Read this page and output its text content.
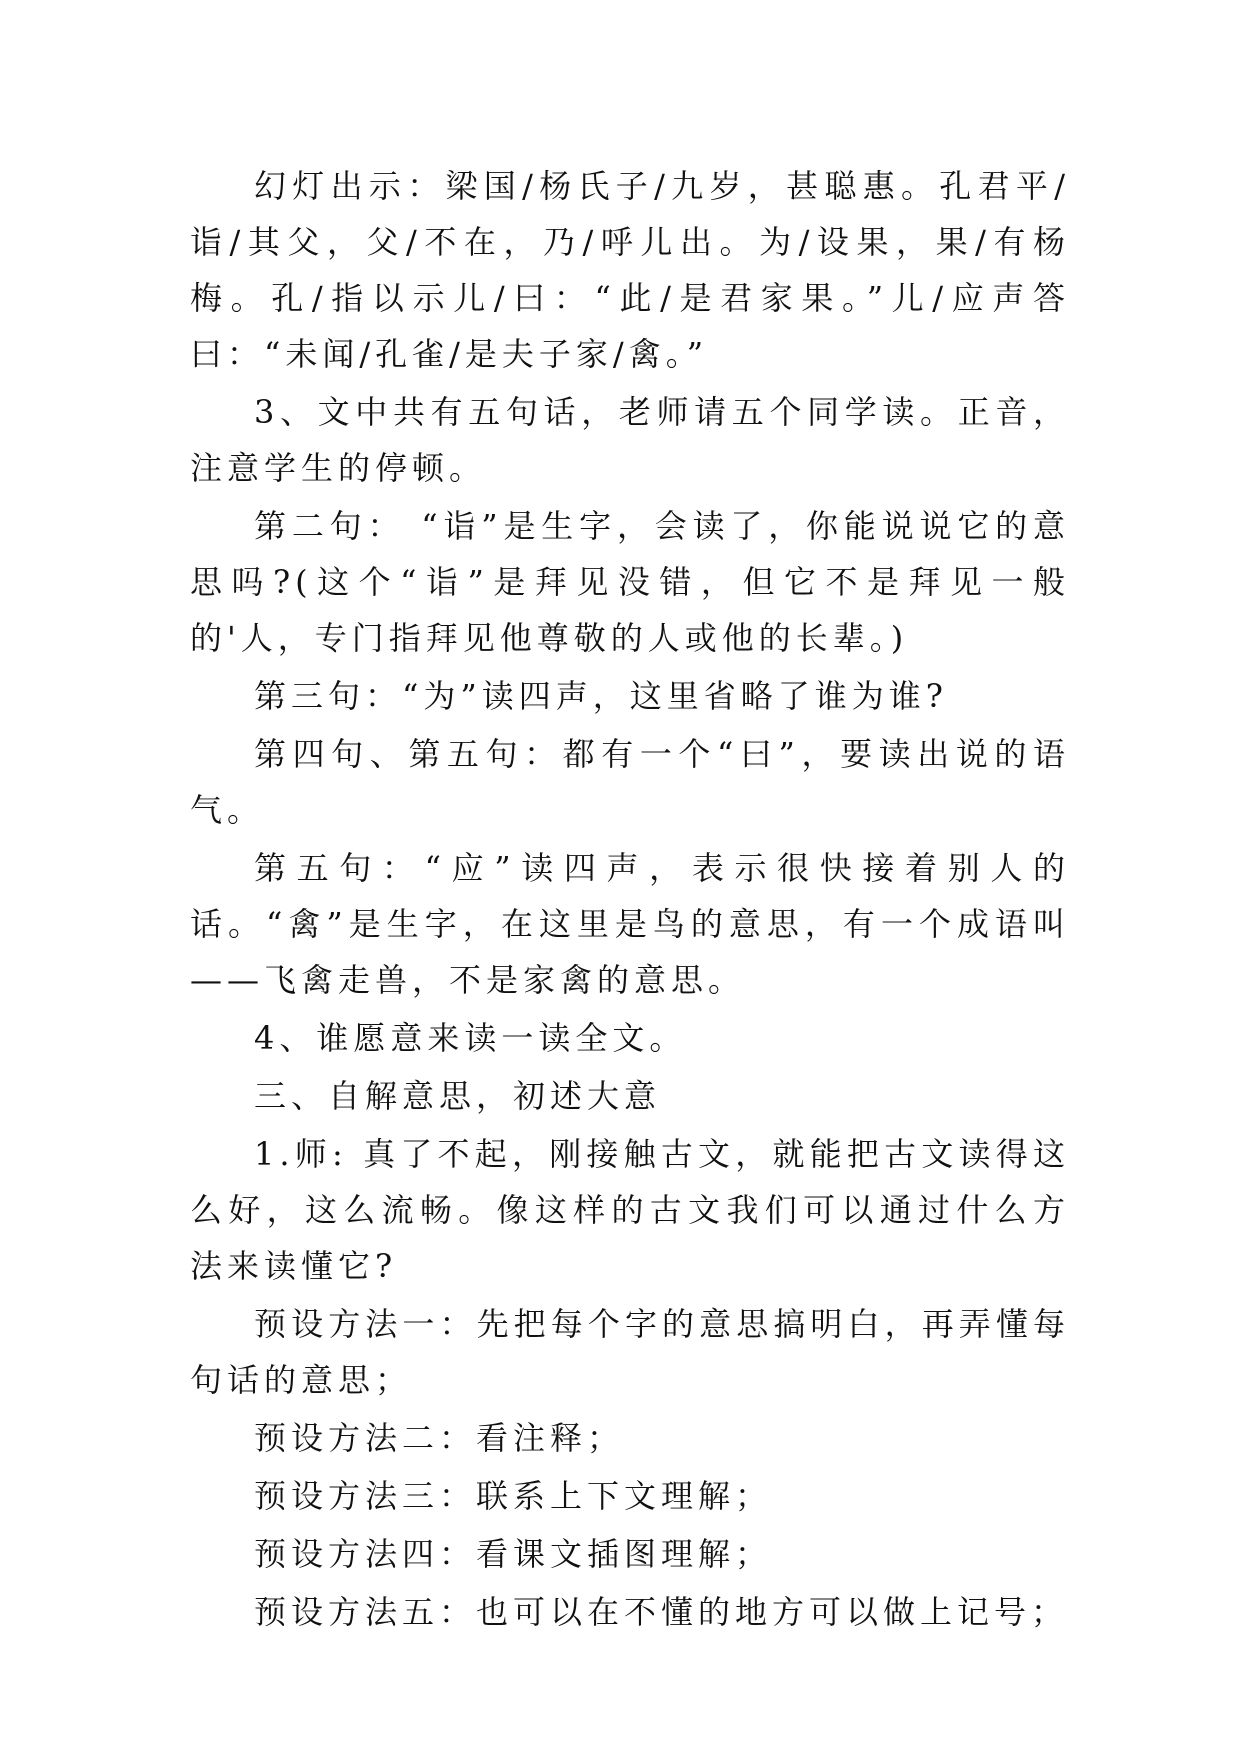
幻灯出示：梁国/杨氏子/九岁，甚聪惠。孔君平/诣/其父，父/不在，乃/呼儿出。为/设果，果/有杨梅。孔/指以示儿/曰：“此/是君家果。”儿/应声答曰：“未闻/孔雀/是夫子家/禽。”

3、文中共有五句话，老师请五个同学读。正音，注意学生的停顿。

第二句： “诣”是生字，会读了，你能说说它的意思吗?(这个“诣”是拜见没错，但它不是拜见一般的'人，专门指拜见他尊敬的人或他的长辈。)

第三句：“为”读四声，这里省略了谁为谁?

第四句、第五句：都有一个“曰”，要读出说的语气。

第五句：“应”读四声，表示很快接着别人的话。“禽”是生字，在这里是鸟的意思，有一个成语叫——飞禽走兽，不是家禽的意思。

4、谁愿意来读一读全文。

三、自解意思，初述大意

1.师: 真了不起，刚接触古文，就能把古文读得这么好，这么流畅。像这样的古文我们可以通过什么方法来读懂它?

预设方法一：先把每个字的意思搞明白，再弄懂每句话的意思；

预设方法二：看注释；

预设方法三：联系上下文理解；

预设方法四：看课文插图理解；

预设方法五：也可以在不懂的地方可以做上记号；
